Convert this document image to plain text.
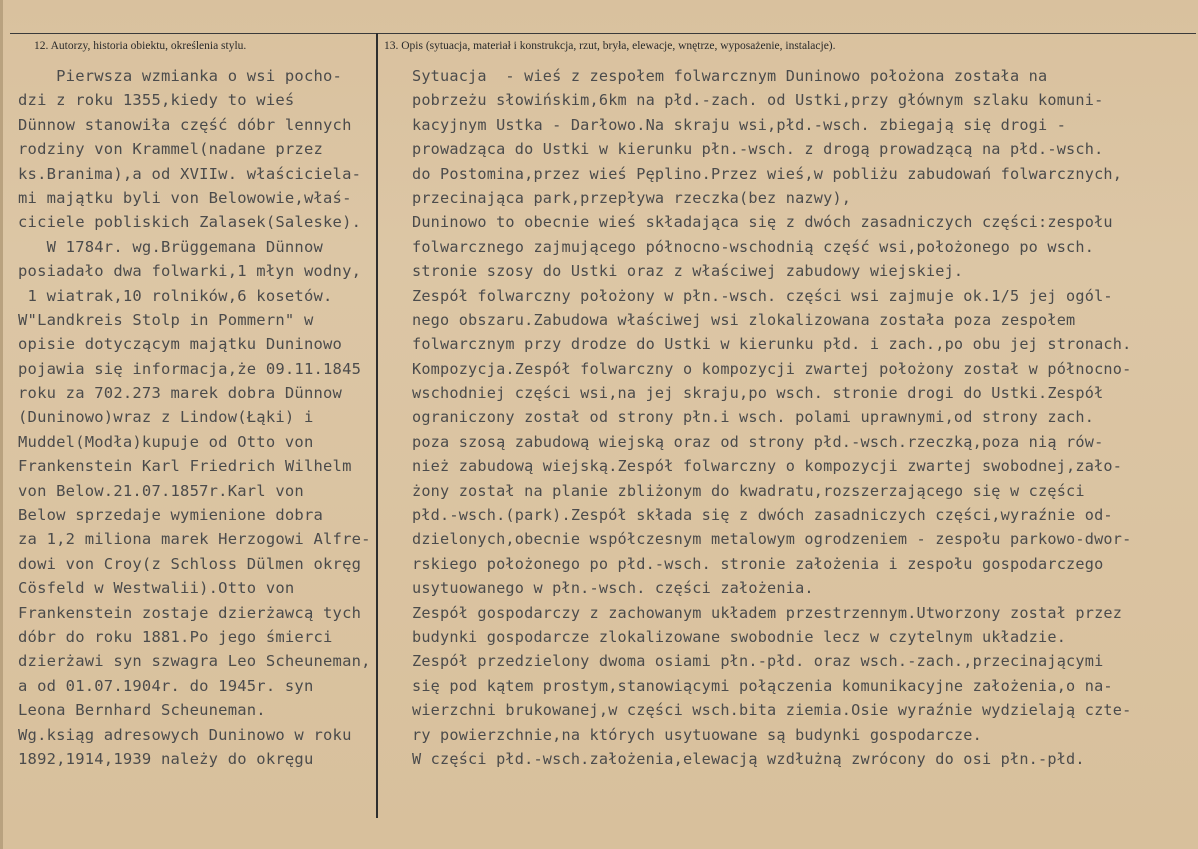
12. Autorzy, historia obiektu, określenia stylu.	13. Opis (sytuacja, materiał i konstrukcja, rzut, bryła, elewacje, wnętrze, wyposażenie, instalacje).
Pierwsza wzmianka o wsi pocho-
dzi z roku 1355,kiedy to wieś
Dünnow stanowiła część dóbr lennych
rodziny von Krammel(nadane przez
ks.Branima),a od XVIIw. właściciela-
mi majątku byli von Belowowie,właś-
ciciele pobliskich Zalasek(Saleske).
W 1784r. wg.Brüggemana Dünnow
posiadało dwa folwarki,1 młyn wodny,
1 wiatrak,10 rolników,6 kosetów.
W"Landkreis Stolp in Pommern" w
opisie dotyczącym majątku Duninowo
pojawia się informacja,że 09.11.1845
roku za 702.273 marek dobra Dünnow
(Duninowo)wraz z Lindow(Łąki) i
Muddel(Modła)kupuje od Otto von
Frankenstein Karl Friedrich Wilhelm
von Below.21.07.1857r.Karl von
Below sprzedaje wymienione dobra
za 1,2 miliona marek Herzogowi Alfre-
dowi von Croy(z Schloss Dülmen okręg
Cösfeld w Westwalii).Otto von
Frankenstein zostaje dzierżawcą tych
dóbr do roku 1881.Po jego śmierci
dzierżawi syn szwagra Leo Scheuneman,
a od 01.07.1904r. do 1945r. syn
Leona Bernhard Scheuneman.
Wg.ksiąg adresowych Duninowo w roku
1892,1914,1939 należy do okręgu
Sytuacja  - wieś z zespołem folwarcznym Duninowo położona została na
pobrzeżu słowińskim,6km na płd.-zach. od Ustki,przy głównym szlaku komuni-
kacyjnym Ustka - Darłowo.Na skraju wsi,płd.-wsch. zbiegają się drogi -
prowadząca do Ustki w kierunku płn.-wsch. z drogą prowadzącą na płd.-wsch.
do Postomina,przez wieś Pęplino.Przez wieś,w pobliżu zabudowań folwarcznych,
przecinająca park,przepływa rzeczka(bez nazwy),
Duninowo to obecnie wieś składająca się z dwóch zasadniczych części:zespołu
folwarcznego zajmującego północno-wschodnią część wsi,położonego po wsch.
stronie szosy do Ustki oraz z właściwej zabudowy wiejskiej.
Zespół folwarczny położony w płn.-wsch. części wsi zajmuje ok.1/5 jej ogól-
nego obszaru.Zabudowa właściwej wsi zlokalizowana została poza zespołem
folwarcznym przy drodze do Ustki w kierunku płd. i zach.,po obu jej stronach.
Kompozycja.Zespół folwarczny o kompozycji zwartej położony został w północno-
wschodniej części wsi,na jej skraju,po wsch. stronie drogi do Ustki.Zespół
ograniczony został od strony płn.i wsch. polami uprawnymi,od strony zach.
poza szosą zabudową wiejską oraz od strony płd.-wsch.rzeczką,poza nią rów-
nież zabudową wiejską.Zespół folwarczny o kompozycji zwartej swobodnej,zało-
żony został na planie zbliżonym do kwadratu,rozszerzającego się w części
płd.-wsch.(park).Zespół składa się z dwóch zasadniczych części,wyraźnie od-
dzielonych,obecnie współczesnym metalowym ogrodzeniem - zespołu parkowo-dwor-
rskiego położonego po płd.-wsch. stronie założenia i zespołu gospodarczego
usytuowanego w płn.-wsch. części założenia.
Zespół gospodarczy z zachowanym układem przestrzennym.Utworzony został przez
budynki gospodarcze zlokalizowane swobodnie lecz w czytelnym układzie.
Zespół przedzielony dwoma osiami płn.-płd. oraz wsch.-zach.,przecinającymi
się pod kątem prostym,stanowiącymi połączenia komunikacyjne założenia,o na-
wierzchni brukowanej,w części wsch.bita ziemia.Osie wyraźnie wydzielają czte-
ry powierzchnie,na których usytuowane są budynki gospodarcze.
W części płd.-wsch.założenia,elewacją wzdłużną zwrócony do osi płn.-płd.
